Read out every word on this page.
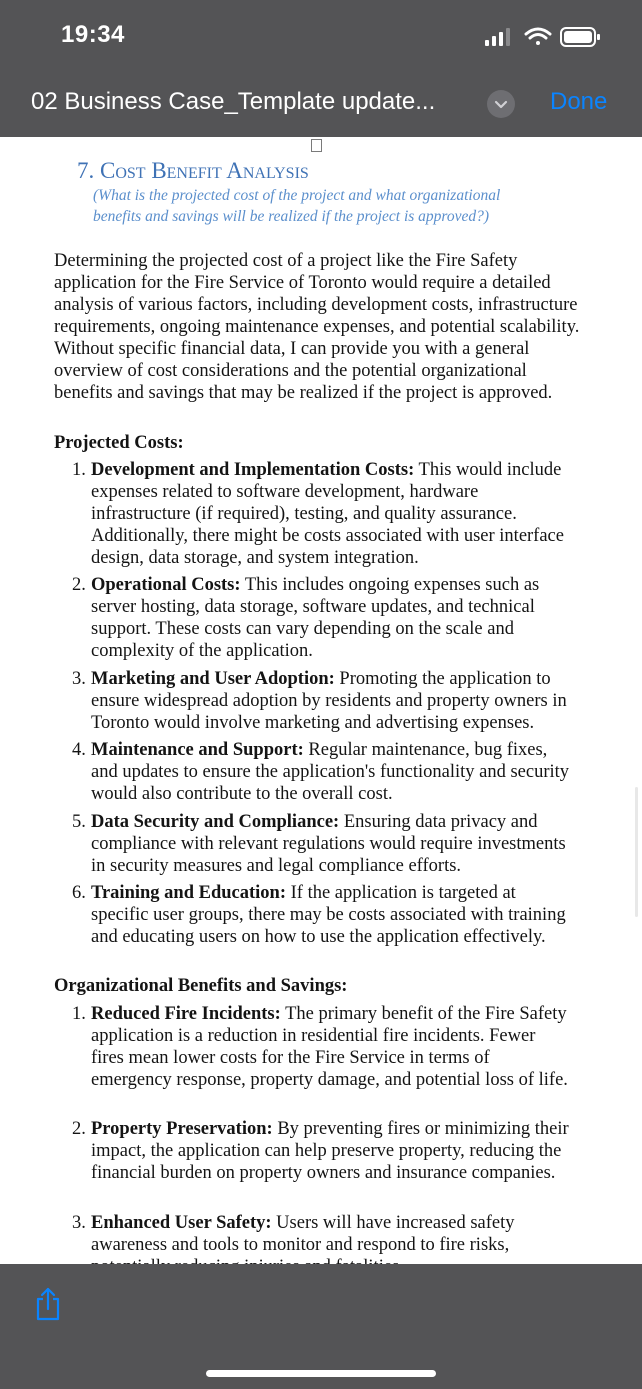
19:34
02 Business Case_Template update...	Done
7. Cost Benefit Analysis
(What is the projected cost of the project and what organizational benefits and savings will be realized if the project is approved?)
Determining the projected cost of a project like the Fire Safety application for the Fire Service of Toronto would require a detailed analysis of various factors, including development costs, infrastructure requirements, ongoing maintenance expenses, and potential scalability. Without specific financial data, I can provide you with a general overview of cost considerations and the potential organizational benefits and savings that may be realized if the project is approved.
Projected Costs:
1. Development and Implementation Costs: This would include expenses related to software development, hardware infrastructure (if required), testing, and quality assurance. Additionally, there might be costs associated with user interface design, data storage, and system integration.
2. Operational Costs: This includes ongoing expenses such as server hosting, data storage, software updates, and technical support. These costs can vary depending on the scale and complexity of the application.
3. Marketing and User Adoption: Promoting the application to ensure widespread adoption by residents and property owners in Toronto would involve marketing and advertising expenses.
4. Maintenance and Support: Regular maintenance, bug fixes, and updates to ensure the application's functionality and security would also contribute to the overall cost.
5. Data Security and Compliance: Ensuring data privacy and compliance with relevant regulations would require investments in security measures and legal compliance efforts.
6. Training and Education: If the application is targeted at specific user groups, there may be costs associated with training and educating users on how to use the application effectively.
Organizational Benefits and Savings:
1. Reduced Fire Incidents: The primary benefit of the Fire Safety application is a reduction in residential fire incidents. Fewer fires mean lower costs for the Fire Service in terms of emergency response, property damage, and potential loss of life.
2. Property Preservation: By preventing fires or minimizing their impact, the application can help preserve property, reducing the financial burden on property owners and insurance companies.
3. Enhanced User Safety: Users will have increased safety awareness and tools to monitor and respond to fire risks,
